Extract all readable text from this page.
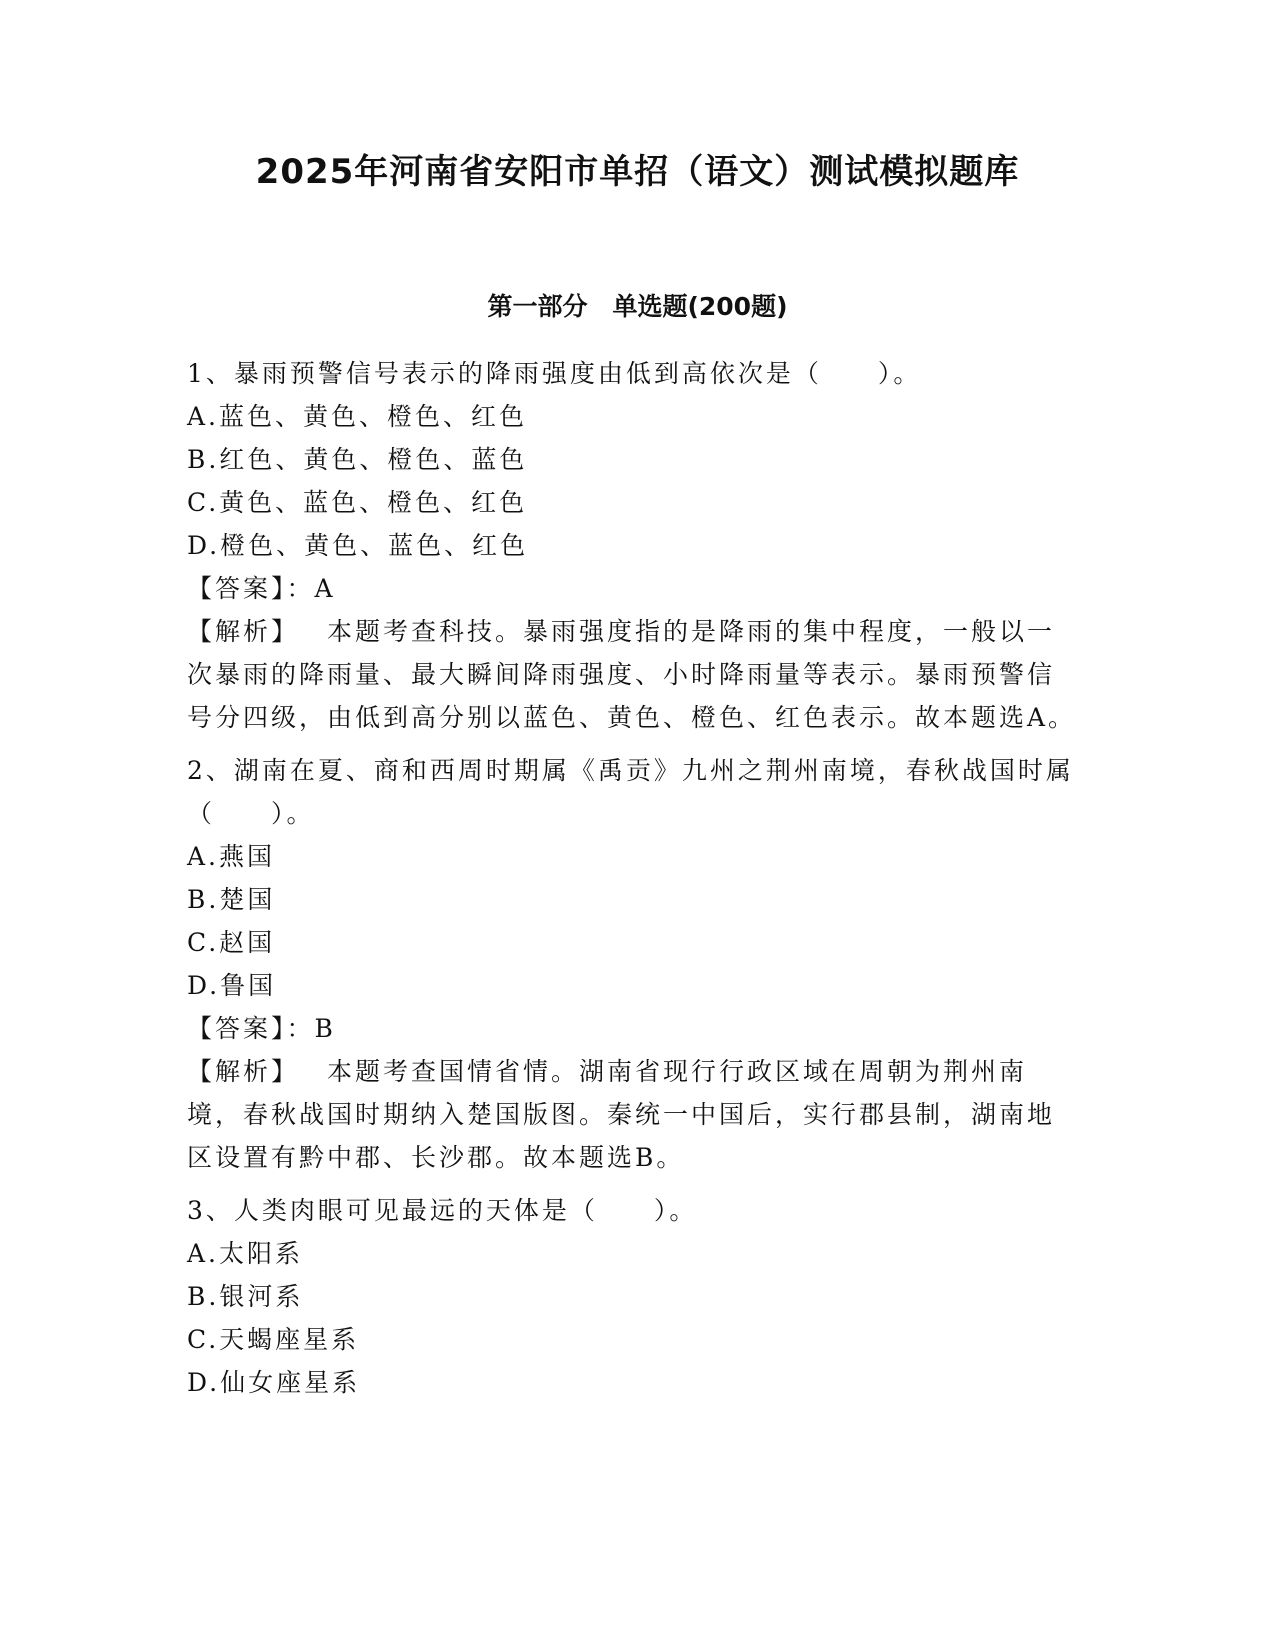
2025年河南省安阳市单招（语文）测试模拟题库
第一部分　单选题(200题)

1、暴雨预警信号表示的降雨强度由低到高依次是（　　）。

A.蓝色、黄色、橙色、红色

B.红色、黄色、橙色、蓝色

C.黄色、蓝色、橙色、红色

D.橙色、黄色、蓝色、红色

【答案】：A

【解析】 本题考查科技。暴雨强度指的是降雨的集中程度，一般以一次暴雨的降雨量、最大瞬间降雨强度、小时降雨量等表示。暴雨预警信号分四级，由低到高分别以蓝色、黄色、橙色、红色表示。故本题选A。

2、湖南在夏、商和西周时期属《禹贡》九州之荆州南境，春秋战国时属（　　）。

A.燕国

B.楚国

C.赵国

D.鲁国

【答案】：B

【解析】 本题考查国情省情。湖南省现行行政区域在周朝为荆州南境，春秋战国时期纳入楚国版图。秦统一中国后，实行郡县制，湖南地区设置有黔中郡、长沙郡。故本题选B。

3、人类肉眼可见最远的天体是（　　）。

A.太阳系

B.银河系

C.天蝎座星系

D.仙女座星系
